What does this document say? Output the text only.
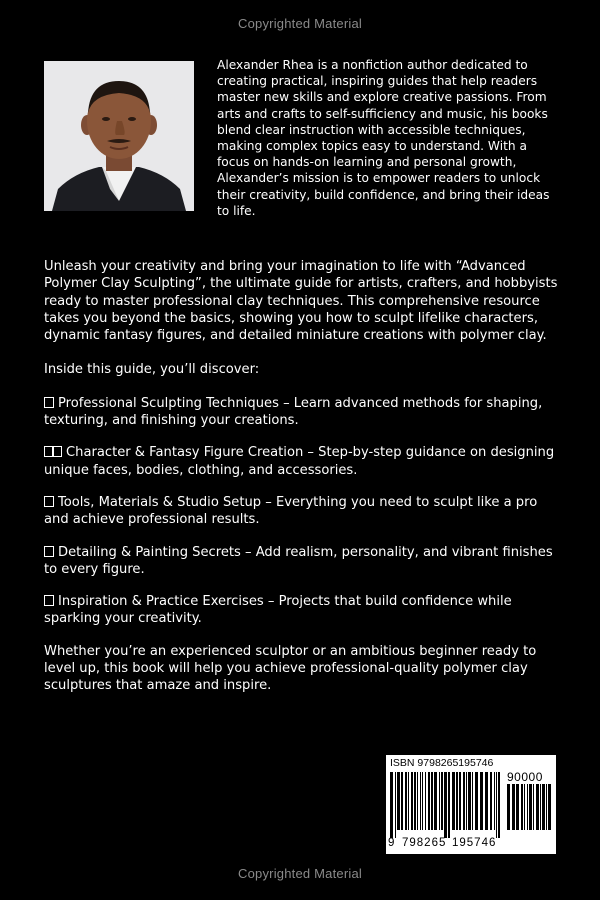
Copyrighted Material
Alexander Rhea is a nonfiction author dedicated to creating practical, inspiring guides that help readers master new skills and explore creative passions. From arts and crafts to self-sufficiency and music, his books blend clear instruction with accessible techniques, making complex topics easy to understand. With a focus on hands-on learning and personal growth, Alexander’s mission is to empower readers to unlock their creativity, build confidence, and bring their ideas to life.

Unleash your creativity and bring your imagination to life with “Advanced Polymer Clay Sculpting”, the ultimate guide for artists, crafters, and hobbyists ready to master professional clay techniques. This comprehensive resource takes you beyond the basics, showing you how to sculpt lifelike characters, dynamic fantasy figures, and detailed miniature creations with polymer clay.

Inside this guide, you’ll discover:

Professional Sculpting Techniques – Learn advanced methods for shaping, texturing, and finishing your creations.

Character & Fantasy Figure Creation – Step-by-step guidance on designing unique faces, bodies, clothing, and accessories.

Tools, Materials & Studio Setup – Everything you need to sculpt like a pro and achieve professional results.

Detailing & Painting Secrets – Add realism, personality, and vibrant finishes to every figure.

Inspiration & Practice Exercises – Projects that build confidence while sparking your creativity.

Whether you’re an experienced sculptor or an ambitious beginner ready to level up, this book will help you achieve professional-quality polymer clay sculptures that amaze and inspire.

ISBN 9798265195746
90000
9 798265 195746
Copyrighted Material
